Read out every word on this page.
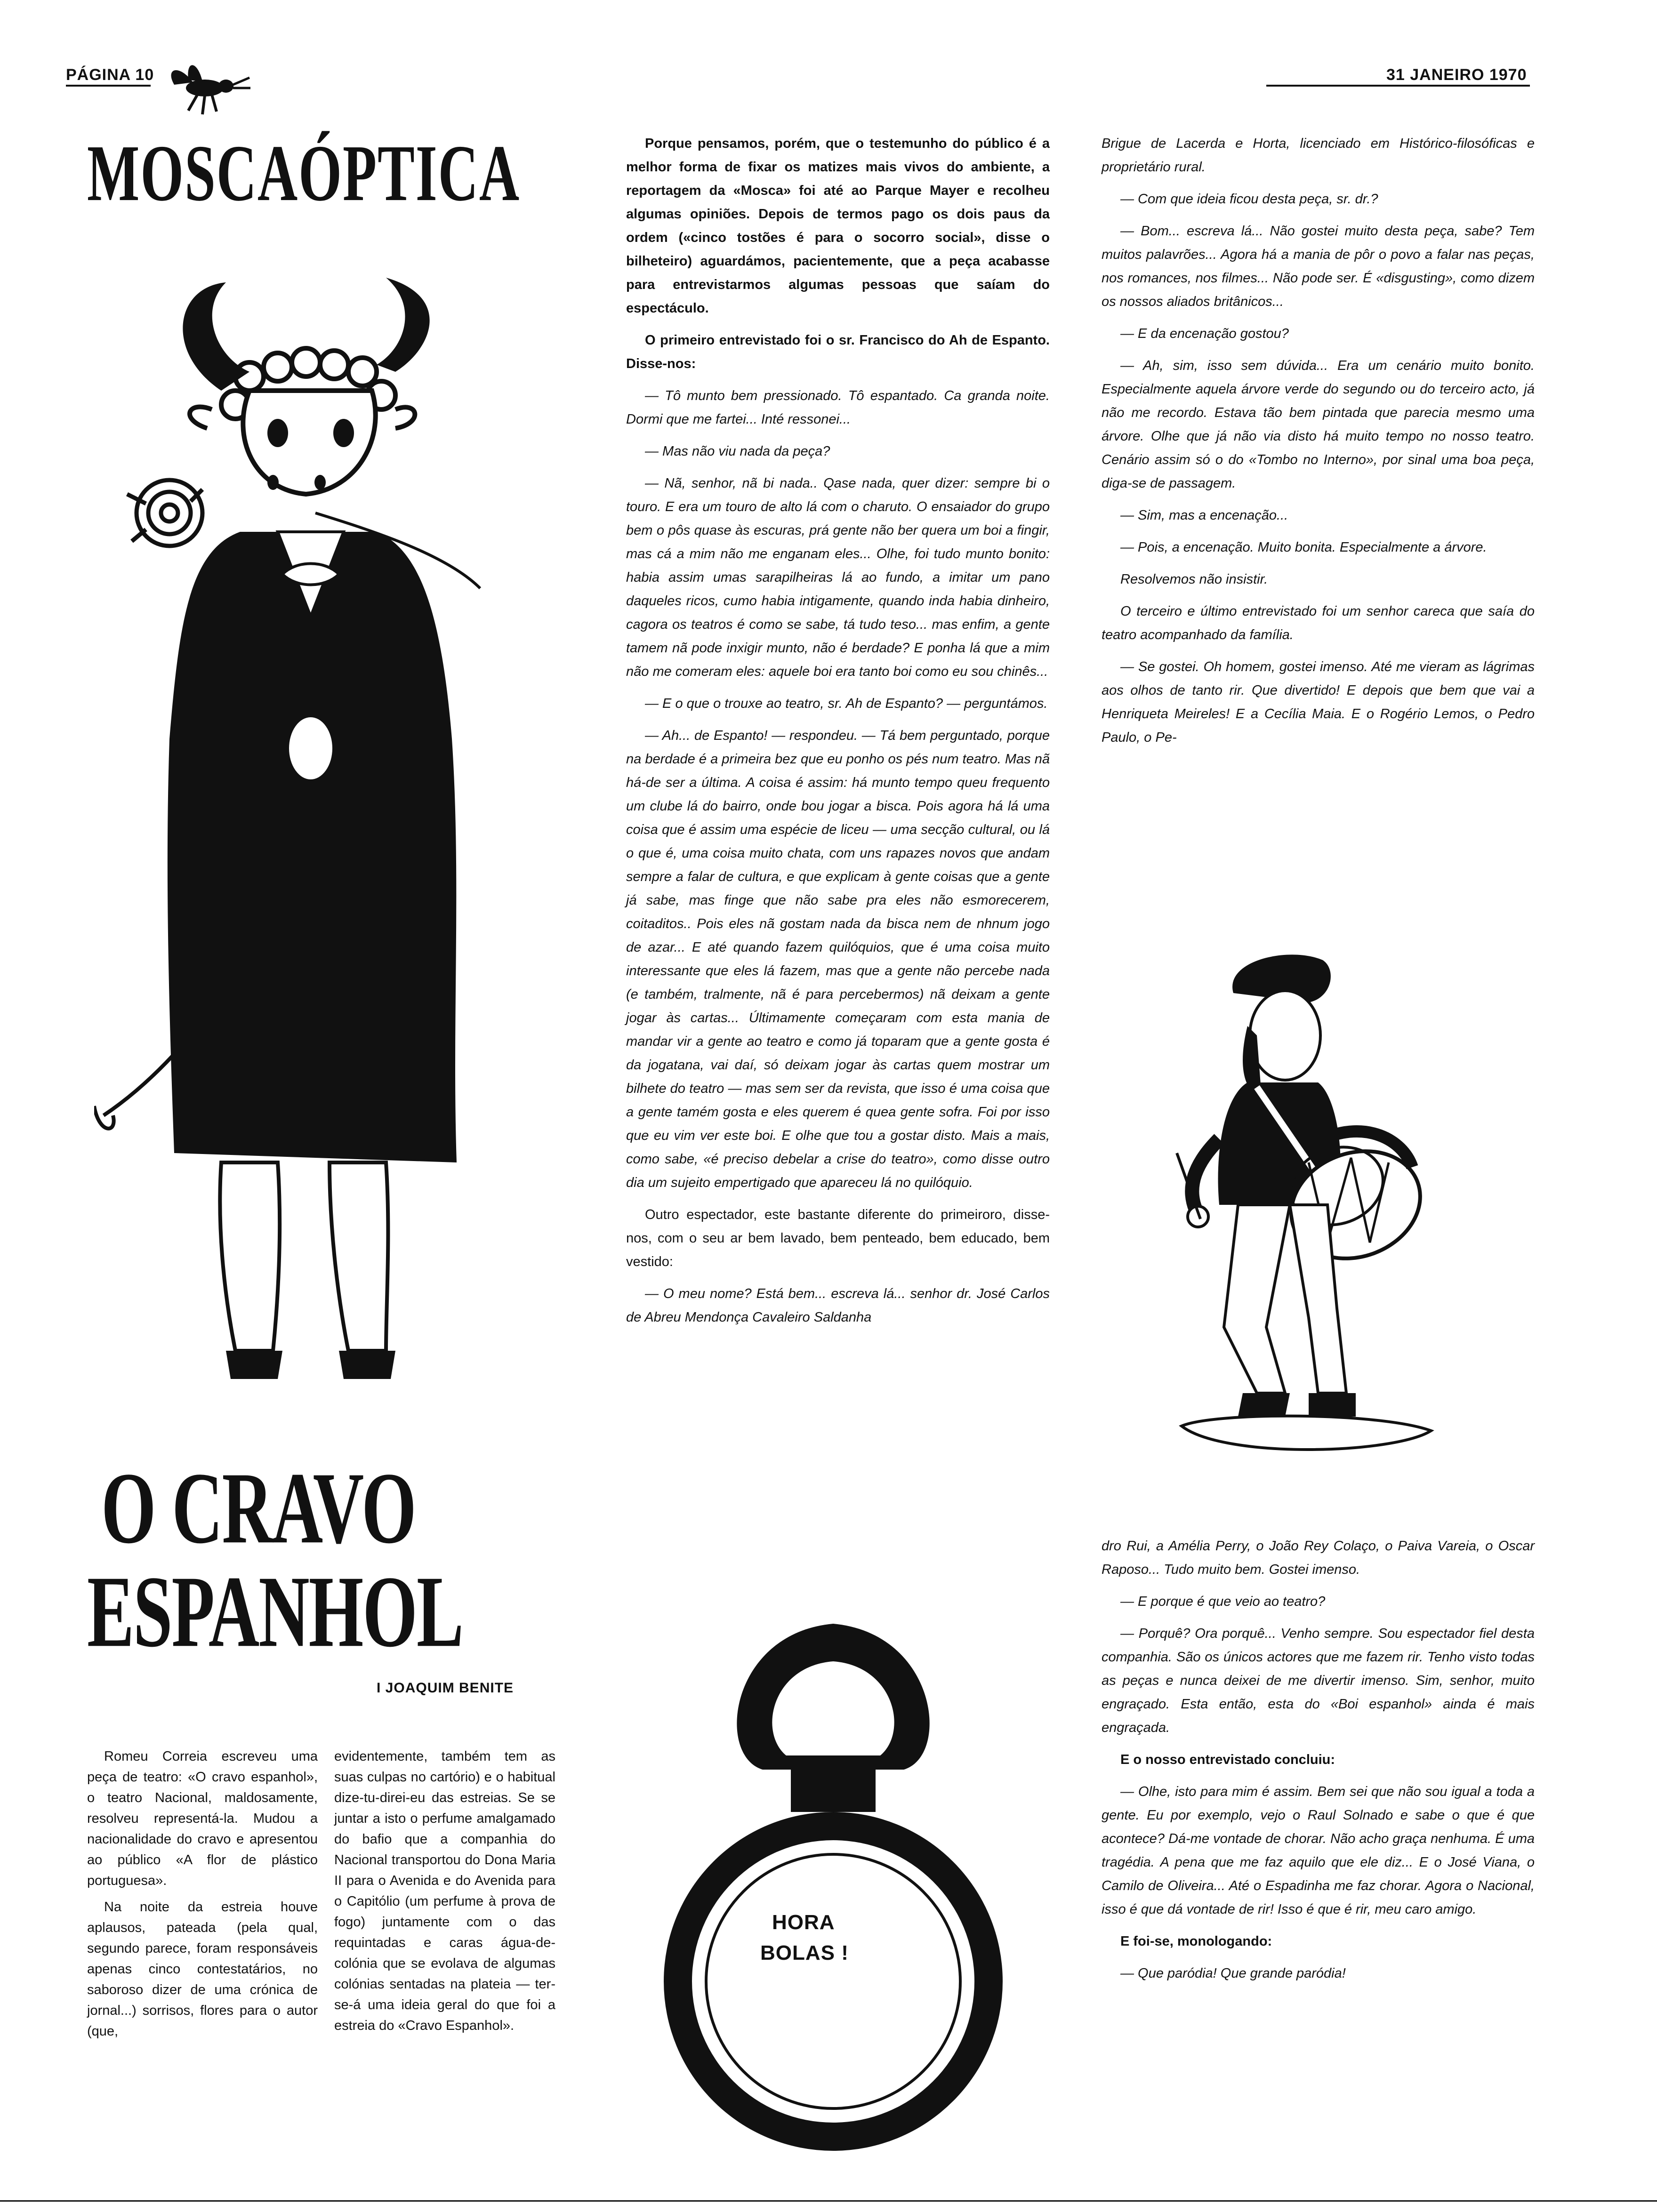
PÁGINA 10	31 JANEIRO 1970
MOSCAÓPTICA
O CRAVO
ESPANHOL
I JOAQUIM BENITE

Romeu Correia escreveu uma peça de teatro: «O cravo espanhol», o teatro Nacional, maldosamente, resolveu representá-la. Mudou a nacionalidade do cravo e apresentou ao público «A flor de plástico portuguesa».

Na noite da estreia houve aplausos, pateada (pela qual, segundo parece, foram responsáveis apenas cinco contestatários, no saboroso dizer de uma crónica de jornal...) sorrisos, flores para o autor (que,

evidentemente, também tem as suas culpas no cartório) e o habitual dize-tu-direi-eu das estreias. Se se juntar a isto o perfume amalgamado do bafio que a companhia do Nacional transportou do Dona Maria II para o Avenida e do Avenida para o Capitólio (um perfume à prova de fogo) juntamente com o das requintadas e caras água-de-colónia que se evolava de algumas colónias sentadas na plateia — ter-se-á uma ideia geral do que foi a estreia do «Cravo Espanhol».

Porque pensamos, porém, que o testemunho do público é a melhor forma de fixar os matizes mais vivos do ambiente, a reportagem da «Mosca» foi até ao Parque Mayer e recolheu algumas opiniões. Depois de termos pago os dois paus da ordem («cinco tostões é para o socorro social», disse o bilheteiro) aguardámos, pacientemente, que a peça acabasse para entrevistarmos algumas pessoas que saíam do espectáculo.

O primeiro entrevistado foi o sr. Francisco do Ah de Espanto. Disse-nos:

— Tô munto bem pressionado. Tô espantado. Ca granda noite. Dormi que me fartei... Inté ressonei...

— Mas não viu nada da peça?

— Nã, senhor, nã bi nada.. Qase nada, quer dizer: sempre bi o touro. E era um touro de alto lá com o charuto. O ensaiador do grupo bem o pôs quase às escuras, prá gente não ber quera um boi a fingir, mas cá a mim não me enganam eles... Olhe, foi tudo munto bonito: habia assim umas sarapilheiras lá ao fundo, a imitar um pano daqueles ricos, cumo habia intigamente, quando inda habia dinheiro, cagora os teatros é como se sabe, tá tudo teso... mas enfim, a gente tamem nã pode inxigir munto, não é berdade? E ponha lá que a mim não me comeram eles: aquele boi era tanto boi como eu sou chinês...

— E o que o trouxe ao teatro, sr. Ah de Espanto? — perguntámos.

— Ah... de Espanto! — respondeu. — Tá bem perguntado, porque na berdade é a primeira bez que eu ponho os pés num teatro. Mas nã há-de ser a última. A coisa é assim: há munto tempo queu frequento um clube lá do bairro, onde bou jogar a bisca. Pois agora há lá uma coisa que é assim uma espécie de liceu — uma secção cultural, ou lá o que é, uma coisa muito chata, com uns rapazes novos que andam sempre a falar de cultura, e que explicam à gente coisas que a gente já sabe, mas finge que não sabe pra eles não esmorecerem, coitaditos.. Pois eles nã gostam nada da bisca nem de nhnum jogo de azar... E até quando fazem quilóquios, que é uma coisa muito interessante que eles lá fazem, mas que a gente não percebe nada (e também, tralmente, nã é para percebermos) nã deixam a gente jogar às cartas... Últimamente começaram com esta mania de mandar vir a gente ao teatro e como já toparam que a gente gosta é da jogatana, vai daí, só deixam jogar às cartas quem mostrar um bilhete do teatro — mas sem ser da revista, que isso é uma coisa que a gente tamém gosta e eles querem é quea gente sofra. Foi por isso que eu vim ver este boi. E olhe que tou a gostar disto. Mais a mais, como sabe, «é preciso debelar a crise do teatro», como disse outro dia um sujeito empertigado que apareceu lá no quilóquio.

Outro espectador, este bastante diferente do primeiroro, disse-nos, com o seu ar bem lavado, bem penteado, bem educado, bem vestido:

— O meu nome? Está bem... escreva lá... senhor dr. José Carlos de Abreu Mendonça Cavaleiro Saldanha

HORA
BOLAS !

Brigue de Lacerda e Horta, licenciado em Histórico-filosóficas e proprietário rural.

— Com que ideia ficou desta peça, sr. dr.?

— Bom... escreva lá... Não gostei muito desta peça, sabe? Tem muitos palavrões... Agora há a mania de pôr o povo a falar nas peças, nos romances, nos filmes... Não pode ser. É «disgusting», como dizem os nossos aliados britânicos...

— E da encenação gostou?

— Ah, sim, isso sem dúvida... Era um cenário muito bonito. Especialmente aquela árvore verde do segundo ou do terceiro acto, já não me recordo. Estava tão bem pintada que parecia mesmo uma árvore. Olhe que já não via disto há muito tempo no nosso teatro. Cenário assim só o do «Tombo no Interno», por sinal uma boa peça, diga-se de passagem.

— Sim, mas a encenação...

— Pois, a encenação. Muito bonita. Especialmente a árvore.

Resolvemos não insistir.

O terceiro e último entrevistado foi um senhor careca que saía do teatro acompanhado da família.

— Se gostei. Oh homem, gostei imenso. Até me vieram as lágrimas aos olhos de tanto rir. Que divertido! E depois que bem que vai a Henriqueta Meireles! E a Cecília Maia. E o Rogério Lemos, o Pedro Paulo, o Pe-

dro Rui, a Amélia Perry, o João Rey Colaço, o Paiva Vareia, o Oscar Raposo... Tudo muito bem. Gostei imenso.

— E porque é que veio ao teatro?

— Porquê? Ora porquê... Venho sempre. Sou espectador fiel desta companhia. São os únicos actores que me fazem rir. Tenho visto todas as peças e nunca deixei de me divertir imenso. Sim, senhor, muito engraçado. Esta então, esta do «Boi espanhol» ainda é mais engraçada.

E o nosso entrevistado concluiu:

— Olhe, isto para mim é assim. Bem sei que não sou igual a toda a gente. Eu por exemplo, vejo o Raul Solnado e sabe o que é que acontece? Dá-me vontade de chorar. Não acho graça nenhuma. É uma tragédia. A pena que me faz aquilo que ele diz... E o José Viana, o Camilo de Oliveira... Até o Espadinha me faz chorar. Agora o Nacional, isso é que dá vontade de rir! Isso é que é rir, meu caro amigo.

E foi-se, monologando:

— Que paródia! Que grande paródia!
